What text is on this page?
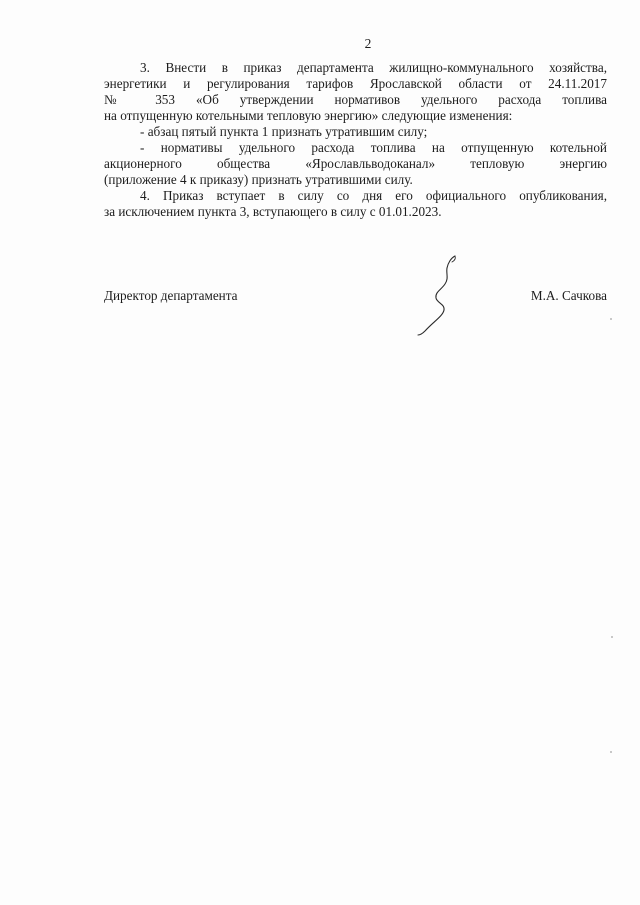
2
3. Внести в приказ департамента жилищно-коммунального хозяйства,
энергетики и регулирования тарифов Ярославской области от 24.11.2017
№ 353 «Об утверждении нормативов удельного расхода топлива
на отпущенную котельными тепловую энергию» следующие изменения:
- абзац пятый пункта 1 признать утратившим силу;
- нормативы удельного расхода топлива на отпущенную котельной
акционерного общества «Ярославльводоканал» тепловую энергию
(приложение 4 к приказу) признать утратившими силу.
4. Приказ вступает в силу со дня его официального опубликования,
за исключением пункта 3, вступающего в силу с 01.01.2023.
Директор департамента	М.А. Сачкова
